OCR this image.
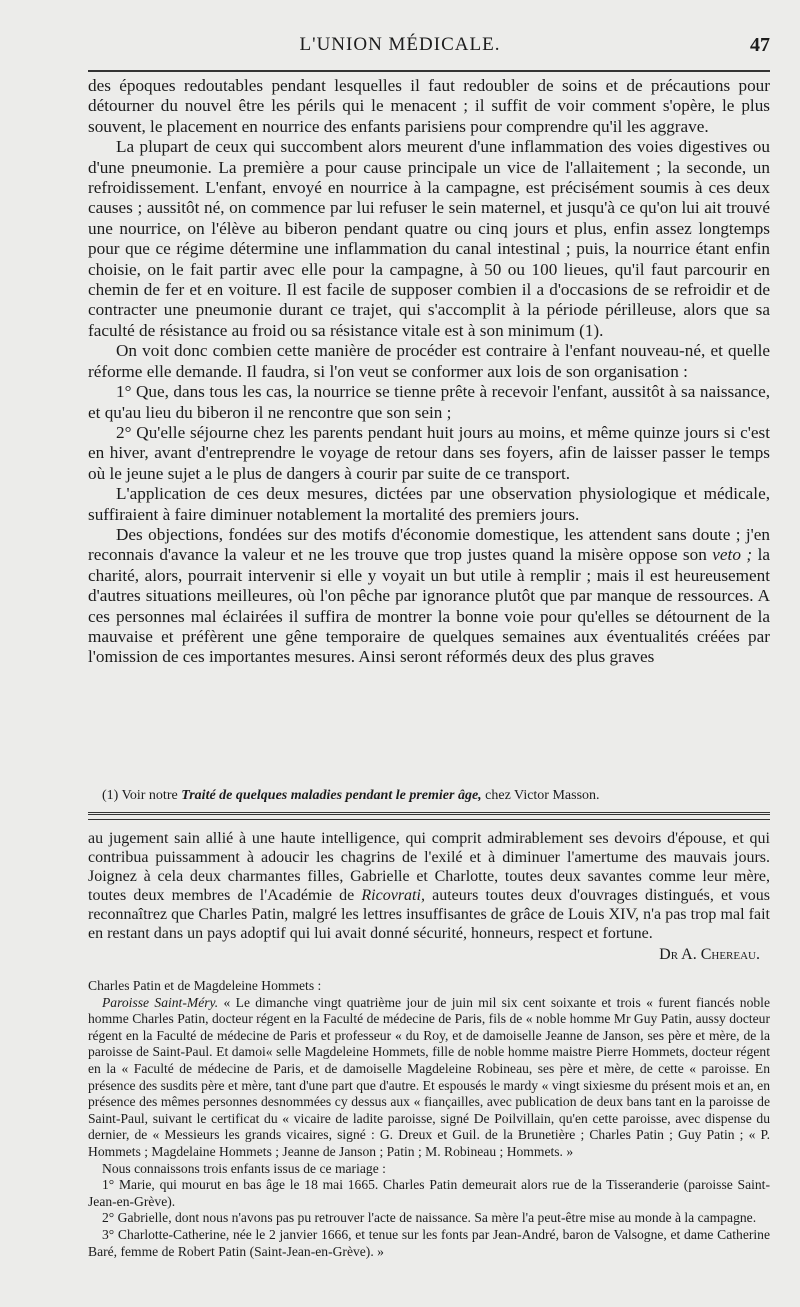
L'UNION MÉDICALE.	47

des époques redoutables pendant lesquelles il faut redoubler de soins et de précautions pour détourner du nouvel être les périls qui le menacent ; il suffit de voir comment s'opère, le plus souvent, le placement en nourrice des enfants parisiens pour comprendre qu'il les aggrave.

La plupart de ceux qui succombent alors meurent d'une inflammation des voies digestives ou d'une pneumonie. La première a pour cause principale un vice de l'allaitement ; la seconde, un refroidissement. L'enfant, envoyé en nourrice à la campagne, est précisément soumis à ces deux causes ; aussitôt né, on commence par lui refuser le sein maternel, et jusqu'à ce qu'on lui ait trouvé une nourrice, on l'élève au biberon pendant quatre ou cinq jours et plus, enfin assez longtemps pour que ce régime détermine une inflammation du canal intestinal ; puis, la nourrice étant enfin choisie, on le fait partir avec elle pour la campagne, à 50 ou 100 lieues, qu'il faut parcourir en chemin de fer et en voiture. Il est facile de supposer combien il a d'occasions de se refroidir et de contracter une pneumonie durant ce trajet, qui s'accomplit à la période périlleuse, alors que sa faculté de résistance au froid ou sa résistance vitale est à son minimum (1).

On voit donc combien cette manière de procéder est contraire à l'enfant nouveau-né, et quelle réforme elle demande. Il faudra, si l'on veut se conformer aux lois de son organisation :

1° Que, dans tous les cas, la nourrice se tienne prête à recevoir l'enfant, aussitôt à sa naissance, et qu'au lieu du biberon il ne rencontre que son sein ;

2° Qu'elle séjourne chez les parents pendant huit jours au moins, et même quinze jours si c'est en hiver, avant d'entreprendre le voyage de retour dans ses foyers, afin de laisser passer le temps où le jeune sujet a le plus de dangers à courir par suite de ce transport.

L'application de ces deux mesures, dictées par une observation physiologique et médicale, suffiraient à faire diminuer notablement la mortalité des premiers jours.

Des objections, fondées sur des motifs d'économie domestique, les attendent sans doute ; j'en reconnais d'avance la valeur et ne les trouve que trop justes quand la misère oppose son veto ; la charité, alors, pourrait intervenir si elle y voyait un but utile à remplir ; mais il est heureusement d'autres situations meilleures, où l'on pêche par ignorance plutôt que par manque de ressources. A ces personnes mal éclairées il suffira de montrer la bonne voie pour qu'elles se détournent de la mauvaise et préfèrent une gêne temporaire de quelques semaines aux éventualités créées par l'omission de ces importantes mesures. Ainsi seront réformés deux des plus graves

(1) Voir notre Traité de quelques maladies pendant le premier âge, chez Victor Masson.

au jugement sain allié à une haute intelligence, qui comprit admirablement ses devoirs d'épouse, et qui contribua puissamment à adoucir les chagrins de l'exilé et à diminuer l'amertume des mauvais jours. Joignez à cela deux charmantes filles, Gabrielle et Charlotte, toutes deux savantes comme leur mère, toutes deux membres de l'Académie de Ricovrati, auteurs toutes deux d'ouvrages distingués, et vous reconnaîtrez que Charles Patin, malgré les lettres insuffisantes de grâce de Louis XIV, n'a pas trop mal fait en restant dans un pays adoptif qui lui avait donné sécurité, honneurs, respect et fortune.

Dr A. Chereau.

Charles Patin et de Magdeleine Hommets :

Paroisse Saint-Méry. « Le dimanche vingt quatrième jour de juin mil six cent soixante et trois « furent fiancés noble homme Charles Patin, docteur régent en la Faculté de médecine de Paris, fils de « noble homme Mr Guy Patin, aussy docteur régent en la Faculté de médecine de Paris et professeur « du Roy, et de damoiselle Jeanne de Janson, ses père et mère, de la paroisse de Saint-Paul. Et damoi« selle Magdeleine Hommets, fille de noble homme maistre Pierre Hommets, docteur régent en la « Faculté de médecine de Paris, et de damoiselle Magdeleine Robineau, ses père et mère, de cette « paroisse. En présence des susdits père et mère, tant d'une part que d'autre. Et espousés le mardy « vingt sixiesme du présent mois et an, en présence des mêmes personnes desnommées cy dessus aux « fiançailles, avec publication de deux bans tant en la paroisse de Saint-Paul, suivant le certificat du « vicaire de ladite paroisse, signé De Poilvillain, qu'en cette paroisse, avec dispense du dernier, de « Messieurs les grands vicaires, signé : G. Dreux et Guil. de la Brunetière ; Charles Patin ; Guy Patin ; « P. Hommets ; Magdelaine Hommets ; Jeanne de Janson ; Patin ; M. Robineau ; Hommets. »

Nous connaissons trois enfants issus de ce mariage :

1° Marie, qui mourut en bas âge le 18 mai 1665. Charles Patin demeurait alors rue de la Tisseranderie (paroisse Saint-Jean-en-Grève).

2° Gabrielle, dont nous n'avons pas pu retrouver l'acte de naissance. Sa mère l'a peut-être mise au monde à la campagne.

3° Charlotte-Catherine, née le 2 janvier 1666, et tenue sur les fonts par Jean-André, baron de Valsogne, et dame Catherine Baré, femme de Robert Patin (Saint-Jean-en-Grève). »
